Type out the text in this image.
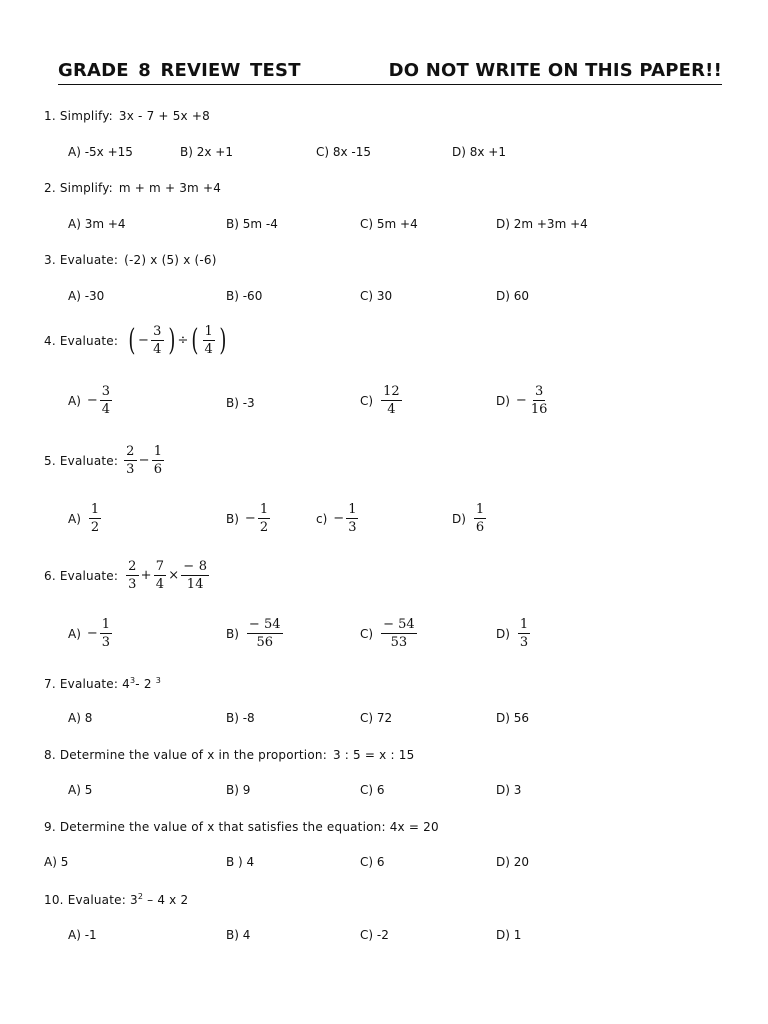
GRADE 8 REVIEW TEST	DO NOT WRITE ON THIS PAPER!!
1. Simplify: 3x - 7 + 5x +8
A) -5x +15	B) 2x +1	C) 8x -15	D) 8x +1
2. Simplify: m + m + 3m +4
A) 3m +4	B) 5m -4	C) 5m +4	D) 2m +3m +4
3. Evaluate: (-2) x (5) x (-6)
A) -30	B) -60	C) 30	D) 60
4. Evaluate: ( − $\frac{3}{4}$ ) ÷ ( $\frac{1}{4}$ )
$A) - \frac{3}{4}$	B) -3	$C) \frac{12}{4}$	$D) - \frac{3}{16}$
5. Evaluate: $\frac{2}{3} - \frac{1}{6}$
$A) \frac{1}{2}$	$B) - \frac{1}{2}$	$c) - \frac{1}{3}$	$D) \frac{1}{6}$
6. Evaluate: $\frac{2}{3} + \frac{7}{4} \times \frac{- 8}{14}$
$A) - \frac{1}{3}$	$B) \frac{- 54}{56}$	$C) \frac{- 54}{53}$	$D) \frac{1}{3}$
7. Evaluate: $4^3-$ 2 $^3$
A) 8	B) -8	C) 72	D) 56
8. Determine the value of x in the proportion: 3 : 5 = x : 15
A) 5	B) 9	C) 6	D) 3
9. Determine the value of x that satisfies the equation: 4x = 20
A) 5	B ) 4	C) 6	D) 20
10. Evaluate: $3^2 - 4$ x 2
A) -1	B) 4	C) -2	D) 1
